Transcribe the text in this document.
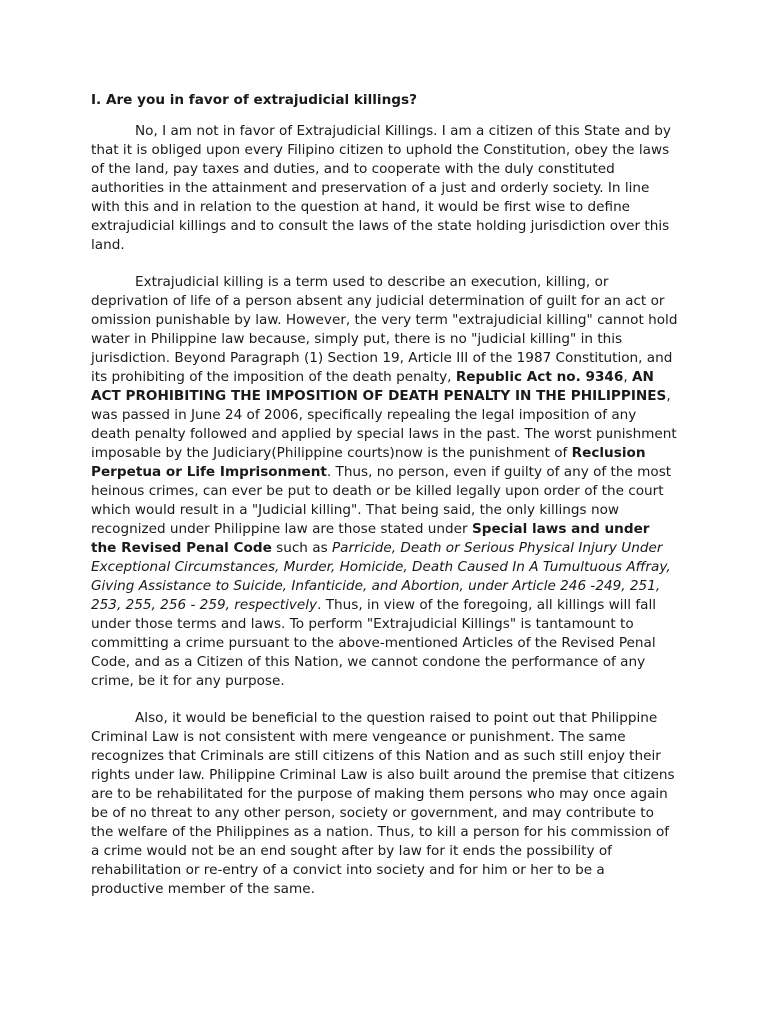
I. Are you in favor of extrajudicial killings?

No, I am not in favor of Extrajudicial Killings. I am a citizen of this State and by that it is obliged upon every Filipino citizen to uphold the Constitution, obey the laws of the land, pay taxes and duties, and to cooperate with the duly constituted authorities in the attainment and preservation of a just and orderly society. In line with this and in relation to the question at hand, it would be first wise to define extrajudicial killings and to consult the laws of the state holding jurisdiction over this land.

Extrajudicial killing is a term used to describe an execution, killing, or deprivation of life of a person absent any judicial determination of guilt for an act or omission punishable by law. However, the very term "extrajudicial killing" cannot hold water in Philippine law because, simply put, there is no "judicial killing" in this jurisdiction. Beyond Paragraph (1) Section 19, Article III of the 1987 Constitution, and its prohibiting of the imposition of the death penalty, Republic Act no. 9346, AN ACT PROHIBITING THE IMPOSITION OF DEATH PENALTY IN THE PHILIPPINES, was passed in June 24 of 2006, specifically repealing the legal imposition of any death penalty followed and applied by special laws in the past. The worst punishment imposable by the Judiciary(Philippine courts)now is the punishment of Reclusion Perpetua or Life Imprisonment. Thus, no person, even if guilty of any of the most heinous crimes, can ever be put to death or be killed legally upon order of the court which would result in a "Judicial killing". That being said, the only killings now recognized under Philippine law are those stated under Special laws and under the Revised Penal Code such as Parricide, Death or Serious Physical Injury Under Exceptional Circumstances, Murder, Homicide, Death Caused In A Tumultuous Affray, Giving Assistance to Suicide, Infanticide, and Abortion, under Article 246 -249, 251, 253, 255, 256 - 259, respectively. Thus, in view of the foregoing, all killings will fall under those terms and laws. To perform "Extrajudicial Killings" is tantamount to committing a crime pursuant to the above-mentioned Articles of the Revised Penal Code, and as a Citizen of this Nation, we cannot condone the performance of any crime, be it for any purpose.

Also, it would be beneficial to the question raised to point out that Philippine Criminal Law is not consistent with mere vengeance or punishment. The same recognizes that Criminals are still citizens of this Nation and as such still enjoy their rights under law. Philippine Criminal Law is also built around the premise that citizens are to be rehabilitated for the purpose of making them persons who may once again be of no threat to any other person, society or government, and may contribute to the welfare of the Philippines as a nation. Thus, to kill a person for his commission of a crime would not be an end sought after by law for it ends the possibility of rehabilitation or re-entry of a convict into society and for him or her to be a productive member of the same.
